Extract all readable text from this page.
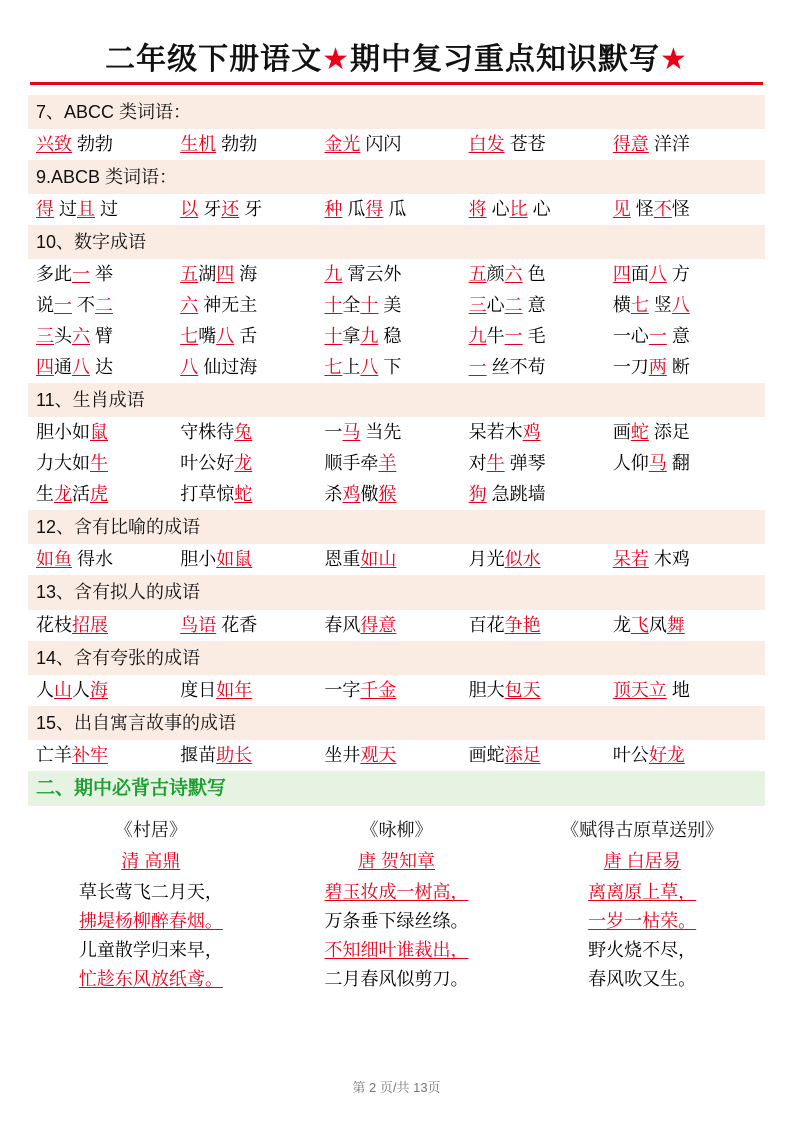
二年级下册语文★期中复习重点知识默写★
7、ABCC 类词语：
兴致 勃勃	生机 勃勃	金光 闪闪	白发 苍苍	得意 洋洋
9.ABCB 类词语：
得 过且 过	以 牙还 牙	种 瓜得 瓜	将 心比 心	见 怪不怪
10、数字成语
多此一 举	五湖四 海	九 霄云外	五颜六 色	四面八 方
说一 不二	六 神无主	十全十 美	三心二 意	横七 竖八
三头六 臂	七嘴八 舌	十拿九 稳	九牛一 毛	一心一 意
四通八 达	八 仙过海	七上八 下	一 丝不苟	一刀两 断
11、生肖成语
胆小如鼠	守株待兔	一马 当先	呆若木鸡	画蛇 添足
力大如牛	叶公好龙	顺手牵羊	对牛 弹琴	人仰马 翻
生龙活虎	打草惊蛇	杀鸡儆猴	狗 急跳墙
12、含有比喻的成语
如鱼 得水	胆小如鼠	恩重如山	月光似水	呆若 木鸡
13、含有拟人的成语
花枝招展	鸟语 花香	春风得意	百花争艳	龙飞凤舞
14、含有夸张的成语
人山人海	度日如年	一字千金	胆大包天	顶天立 地
15、出自寓言故事的成语
亡羊补牢	揠苗助长	坐井观天	画蛇添足	叶公好龙
二、期中必背古诗默写
《村居》
清 高鼎
草长莺飞二月天，
拂堤杨柳醉春烟。
儿童散学归来早，
忙趁东风放纸鸢。
《咏柳》
唐 贺知章
碧玉妆成一树高，
万条垂下绿丝绦。
不知细叶谁裁出，
二月春风似剪刀。
《赋得古原草送别》
唐 白居易
离离原上草，
一岁一枯荣。
野火烧不尽，
春风吹又生。
第 2 页/共 13页
